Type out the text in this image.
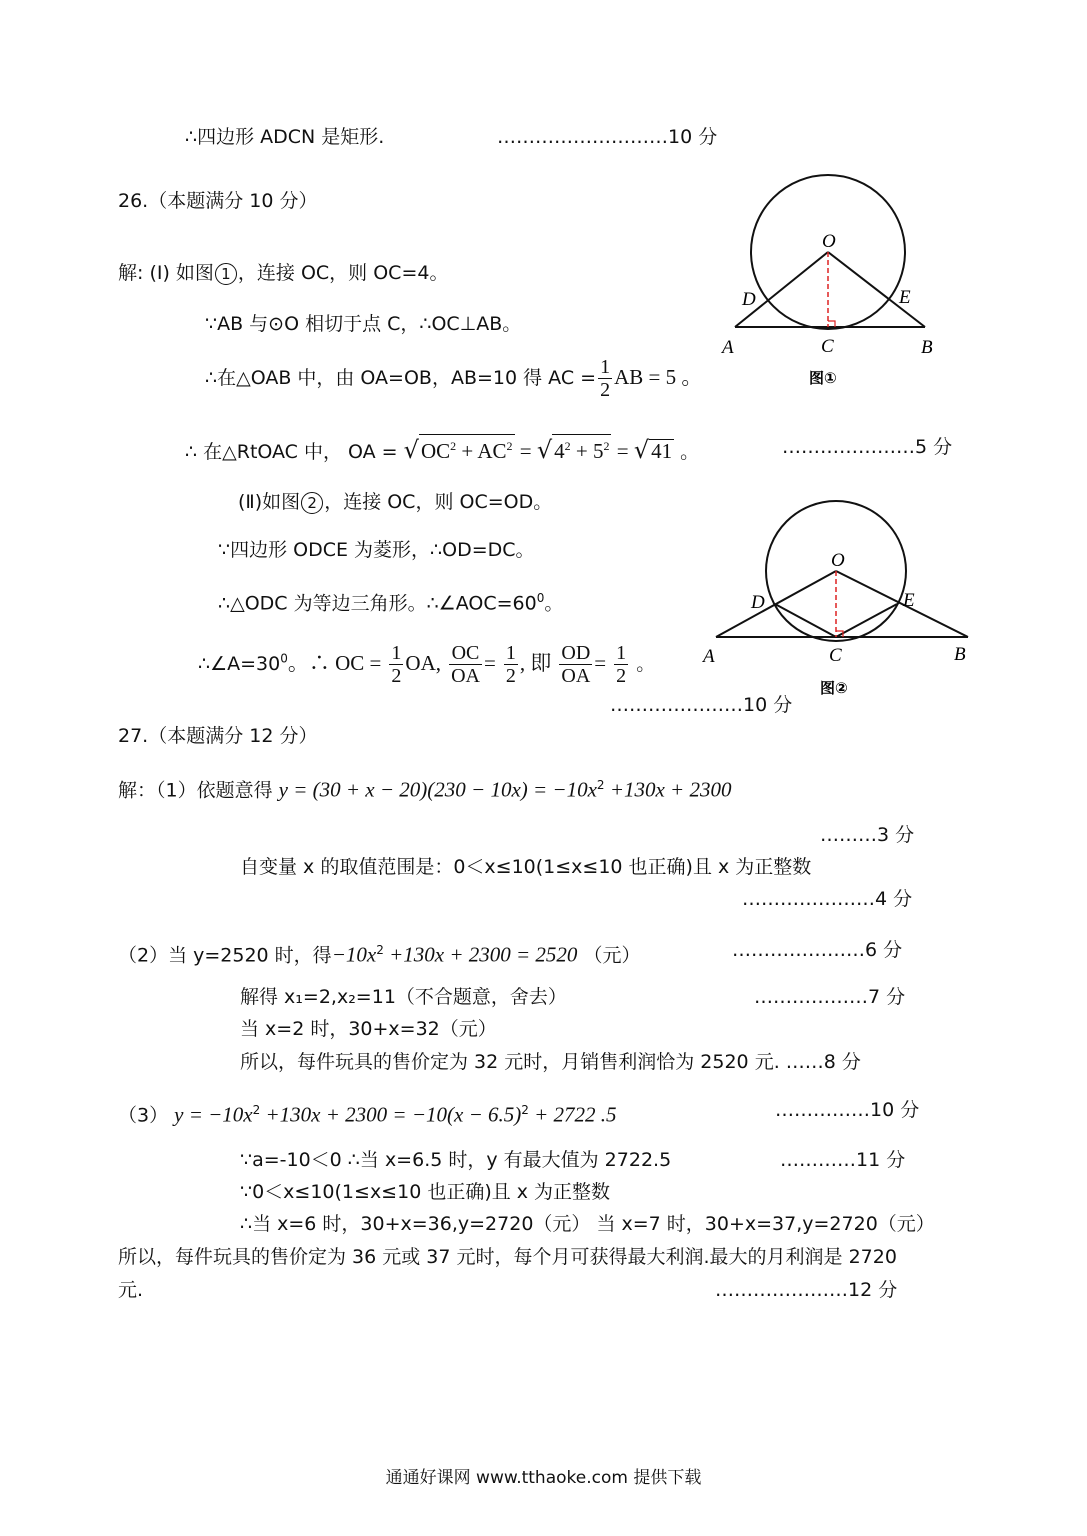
∴四边形 ADCN 是矩形.	………………………10 分
26.（本题满分 10 分）
解: (I) 如图 1 ，连接 OC，则 OC=4。
∵AB 与⊙O 相切于点 C，∴OC⊥AB。
∴在△OAB 中，由 OA=OB，AB=10 得 AC = $\frac{1}{2}$ AB = 5 。
∴ 在△RtOAC 中， OA = $√OC^2 + AC^2 = √4^2 + 5^2 = √41$ 。	…………………5 分
(Ⅱ)如图 2 ，连接 OC，则 OC=OD。
∵四边形 ODCE 为菱形，∴OD=DC。
∴△ODC 为等边三角形。$\therefore\angle AOC=60^0$。
$\therefore\angle A=30^0$。∴ OC = $\frac{1}{2}$ OA, $\frac{OC}{OA} = \frac{1}{2}$ , 即 $\frac{OD}{OA} = \frac{1}{2}$ 。
…………………10 分
O
D	E
A	C	B
图①
O
D	E
A	C	B
图②
27.（本题满分 12 分）
解：（1）依题意得 $y = (30 + x - 20)(230 - 10x) = -10x^2 +130x + 2300$
………3 分
自变量 x 的取值范围是：0＜x≤10(1≤x≤10 也正确)且 x 为正整数
…………………4 分
（2）当 y=2520 时，得$-10x^2 +130x + 2300 = 2520$ （元）	…………………6 分
解得 x₁=2,x₂=11（不合题意，舍去）	………………7 分
当 x=2 时，30+x=32（元）
所以，每件玩具的售价定为 32 元时，月销售利润恰为 2520 元. ……8 分
（3） $y = -10x^2 +130x + 2300 = -10(x - 6.5)^2 + 2722$ .5	……………10 分
∵a=-10＜0 ∴当 x=6.5 时，y 有最大值为 2722.5	…………11 分
∵0＜x≤10(1≤x≤10 也正确)且 x 为正整数
∴当 x=6 时，30+x=36,y=2720（元） 当 x=7 时，30+x=37,y=2720（元）
所以，每件玩具的售价定为 36 元或 37 元时，每个月可获得最大利润.最大的月利润是 2720
元.	…………………12 分
通通好课网 www.tthaoke.com 提供下载
